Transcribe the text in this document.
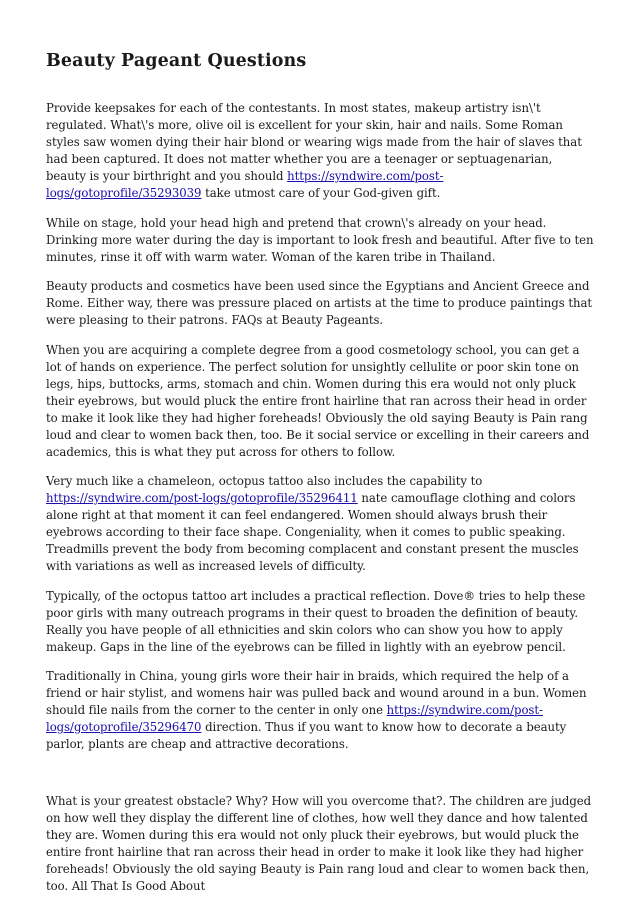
Beauty Pageant Questions

Provide keepsakes for each of the contestants. In most states, makeup artistry isn\'t regulated. What\'s more, olive oil is excellent for your skin, hair and nails. Some Roman styles saw women dying their hair blond or wearing wigs made from the hair of slaves that had been captured. It does not matter whether you are a teenager or septuagenarian, beauty is your birthright and you should https://syndwire.com/post-logs/gotoprofile/35293039 take utmost care of your God-given gift.

While on stage, hold your head high and pretend that crown\'s already on your head. Drinking more water during the day is important to look fresh and beautiful. After five to ten minutes, rinse it off with warm water. Woman of the karen tribe in Thailand.

Beauty products and cosmetics have been used since the Egyptians and Ancient Greece and Rome. Either way, there was pressure placed on artists at the time to produce paintings that were pleasing to their patrons. FAQs at Beauty Pageants.

When you are acquiring a complete degree from a good cosmetology school, you can get a lot of hands on experience. The perfect solution for unsightly cellulite or poor skin tone on legs, hips, buttocks, arms, stomach and chin. Women during this era would not only pluck their eyebrows, but would pluck the entire front hairline that ran across their head in order to make it look like they had higher foreheads! Obviously the old saying Beauty is Pain rang loud and clear to women back then, too. Be it social service or excelling in their careers and academics, this is what they put across for others to follow.

Very much like a chameleon, octopus tattoo also includes the capability to https://syndwire.com/post-logs/gotoprofile/35296411 nate camouflage clothing and colors alone right at that moment it can feel endangered. Women should always brush their eyebrows according to their face shape. Congeniality, when it comes to public speaking. Treadmills prevent the body from becoming complacent and constant present the muscles with variations as well as increased levels of difficulty.

Typically, of the octopus tattoo art includes a practical reflection. Dove® tries to help these poor girls with many outreach programs in their quest to broaden the definition of beauty. Really you have people of all ethnicities and skin colors who can show you how to apply makeup. Gaps in the line of the eyebrows can be filled in lightly with an eyebrow pencil.

Traditionally in China, young girls wore their hair in braids, which required the help of a friend or hair stylist, and womens hair was pulled back and wound around in a bun. Women should file nails from the corner to the center in only one https://syndwire.com/post-logs/gotoprofile/35296470 direction. Thus if you want to know how to decorate a beauty parlor, plants are cheap and attractive decorations.

What is your greatest obstacle? Why? How will you overcome that?. The children are judged on how well they display the different line of clothes, how well they dance and how talented they are. Women during this era would not only pluck their eyebrows, but would pluck the entire front hairline that ran across their head in order to make it look like they had higher foreheads! Obviously the old saying Beauty is Pain rang loud and clear to women back then, too. All That Is Good About
